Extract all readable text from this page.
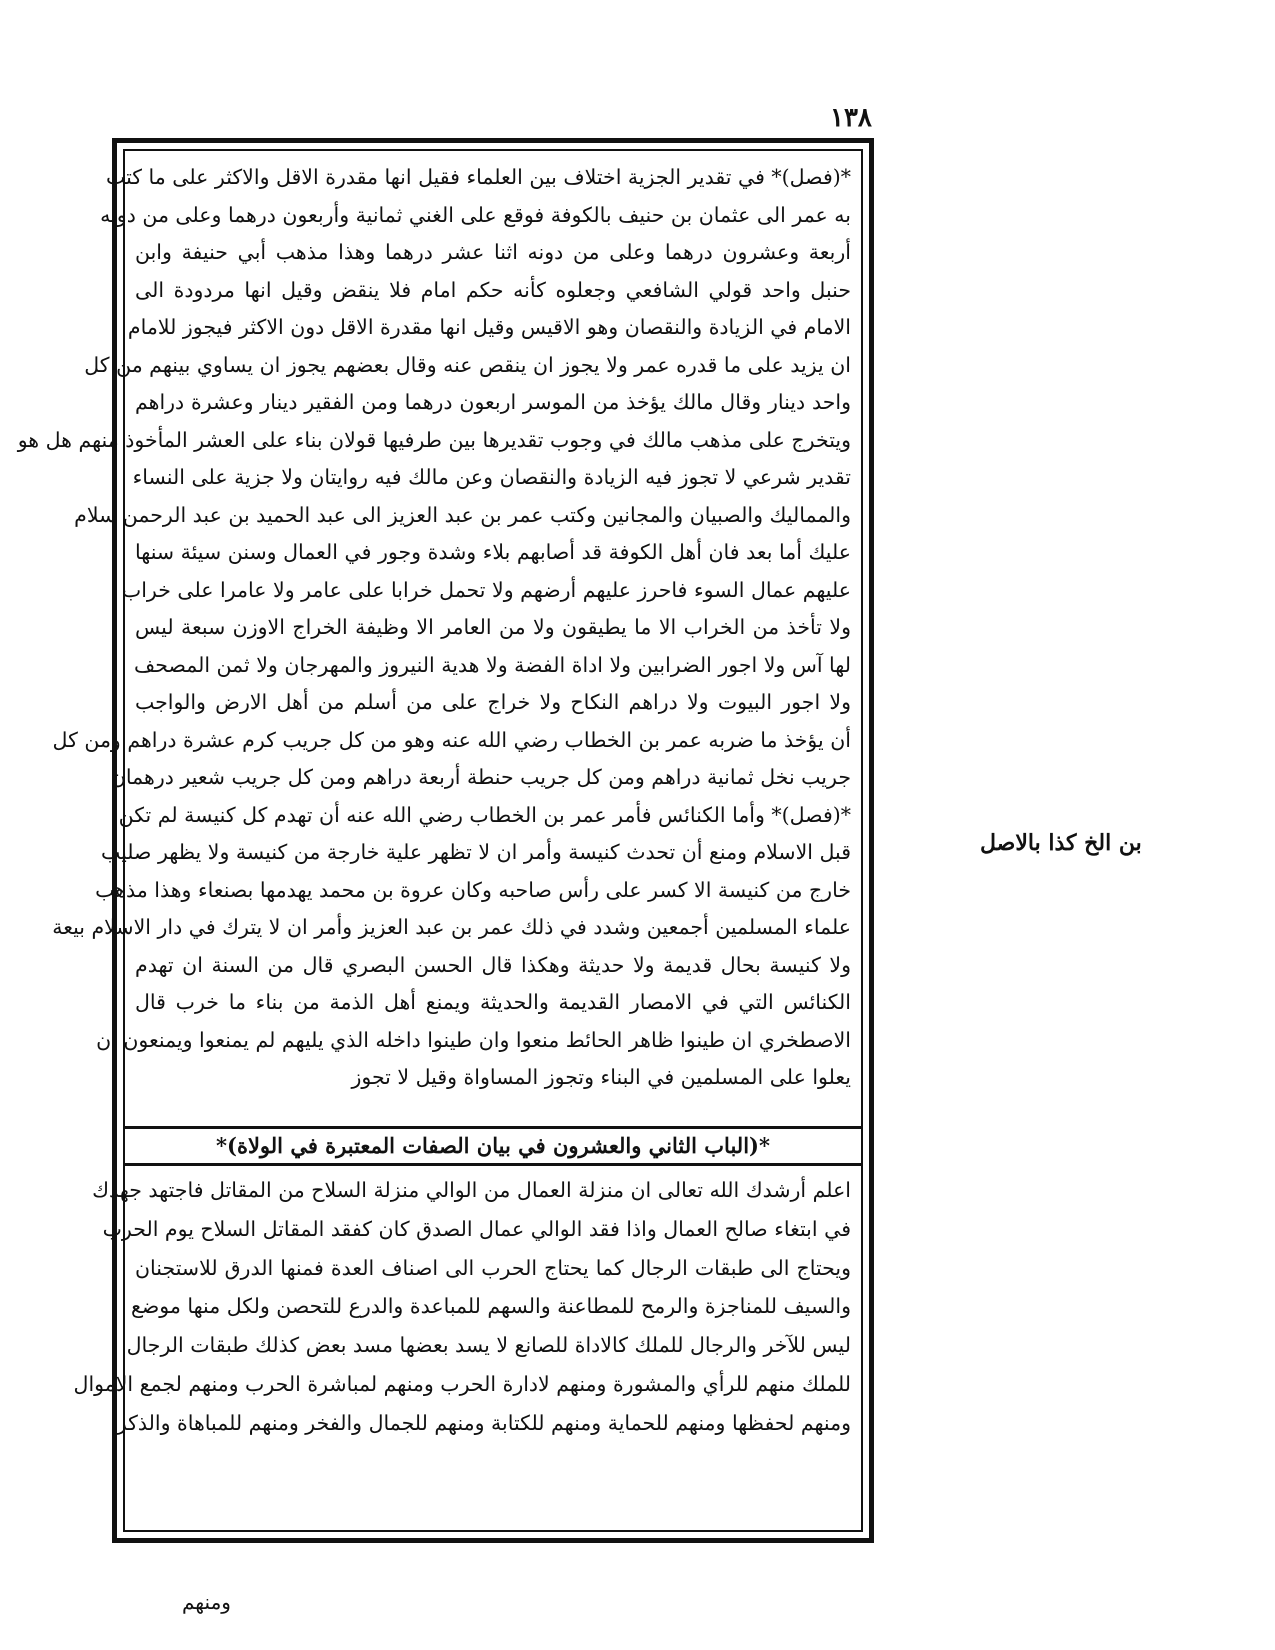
١٣٨
*(فصل)* في تقدير الجزية اختلاف بين العلماء فقيل انها مقدرة الاقل والاكثر على ما كتب
به عمر الى عثمان بن حنيف بالكوفة فوقع على الغني ثمانية وأربعون درهما وعلى من دونه
أربعة وعشرون درهما وعلى من دونه اثنا عشر درهما وهذا مذهب أبي حنيفة وابن
حنبل واحد قولي الشافعي وجعلوه كأنه حكم امام فلا ينقض وقيل انها مردودة الى
الامام في الزيادة والنقصان وهو الاقيس وقيل انها مقدرة الاقل دون الاكثر فيجوز للامام
ان يزيد على ما قدره عمر ولا يجوز ان ينقص عنه وقال بعضهم يجوز ان يساوي بينهم من كل
واحد دينار وقال مالك يؤخذ من الموسر اربعون درهما ومن الفقير دينار وعشرة دراهم
ويتخرج على مذهب مالك في وجوب تقديرها بين طرفيها قولان بناء على العشر المأخوذ منهم هل هو
تقدير شرعي لا تجوز فيه الزيادة والنقصان وعن مالك فيه روايتان ولا جزية على النساء
والمماليك والصبيان والمجانين وكتب عمر بن عبد العزيز الى عبد الحميد بن عبد الرحمن سلام
عليك أما بعد فان أهل الكوفة قد أصابهم بلاء وشدة وجور في العمال وسنن سيئة سنها
عليهم عمال السوء فاحرز عليهم أرضهم ولا تحمل خرابا على عامر ولا عامرا على خراب
ولا تأخذ من الخراب الا ما يطيقون ولا من العامر الا وظيفة الخراج الاوزن سبعة ليس
لها آس ولا اجور الضرابين ولا اداة الفضة ولا هدية النيروز والمهرجان ولا ثمن المصحف
ولا اجور البيوت ولا دراهم النكاح ولا خراج على من أسلم من أهل الارض والواجب
أن يؤخذ ما ضربه عمر بن الخطاب رضي الله عنه وهو من كل جريب كرم عشرة دراهم ومن كل
جريب نخل ثمانية دراهم ومن كل جريب حنطة أربعة دراهم ومن كل جريب شعير درهمان
*(فصل)* وأما الكنائس فأمر عمر بن الخطاب رضي الله عنه أن تهدم كل كنيسة لم تكن
قبل الاسلام ومنع أن تحدث كنيسة وأمر ان لا تظهر علية خارجة من كنيسة ولا يظهر صليب
خارج من كنيسة الا كسر على رأس صاحبه وكان عروة بن محمد يهدمها بصنعاء وهذا مذهب
علماء المسلمين أجمعين وشدد في ذلك عمر بن عبد العزيز وأمر ان لا يترك في دار الاسلام بيعة
ولا كنيسة بحال قديمة ولا حديثة وهكذا قال الحسن البصري قال من السنة ان تهدم
الكنائس التي في الامصار القديمة والحديثة ويمنع أهل الذمة من بناء ما خرب قال
الاصطخري ان طينوا ظاهر الحائط منعوا وان طينوا داخله الذي يليهم لم يمنعوا ويمنعون ان
يعلوا على المسلمين في البناء وتجوز المساواة وقيل لا تجوز
*(الباب الثاني والعشرون في بيان الصفات المعتبرة في الولاة)*
اعلم أرشدك الله تعالى ان منزلة العمال من الوالي منزلة السلاح من المقاتل فاجتهد جهدك
في ابتغاء صالح العمال واذا فقد الوالي عمال الصدق كان كفقد المقاتل السلاح يوم الحرب
ويحتاج الى طبقات الرجال كما يحتاج الحرب الى اصناف العدة فمنها الدرق للاستجنان
والسيف للمناجزة والرمح للمطاعنة والسهم للمباعدة والدرع للتحصن ولكل منها موضع
ليس للآخر والرجال للملك كالاداة للصانع لا يسد بعضها مسد بعض كذلك طبقات الرجال
للملك منهم للرأي والمشورة ومنهم لادارة الحرب ومنهم لمباشرة الحرب ومنهم لجمع الاموال
ومنهم لحفظها ومنهم للحماية ومنهم للكتابة ومنهم للجمال والفخر ومنهم للمباهاة والذكر
بن الخ كذا بالاصل
ومنهم
